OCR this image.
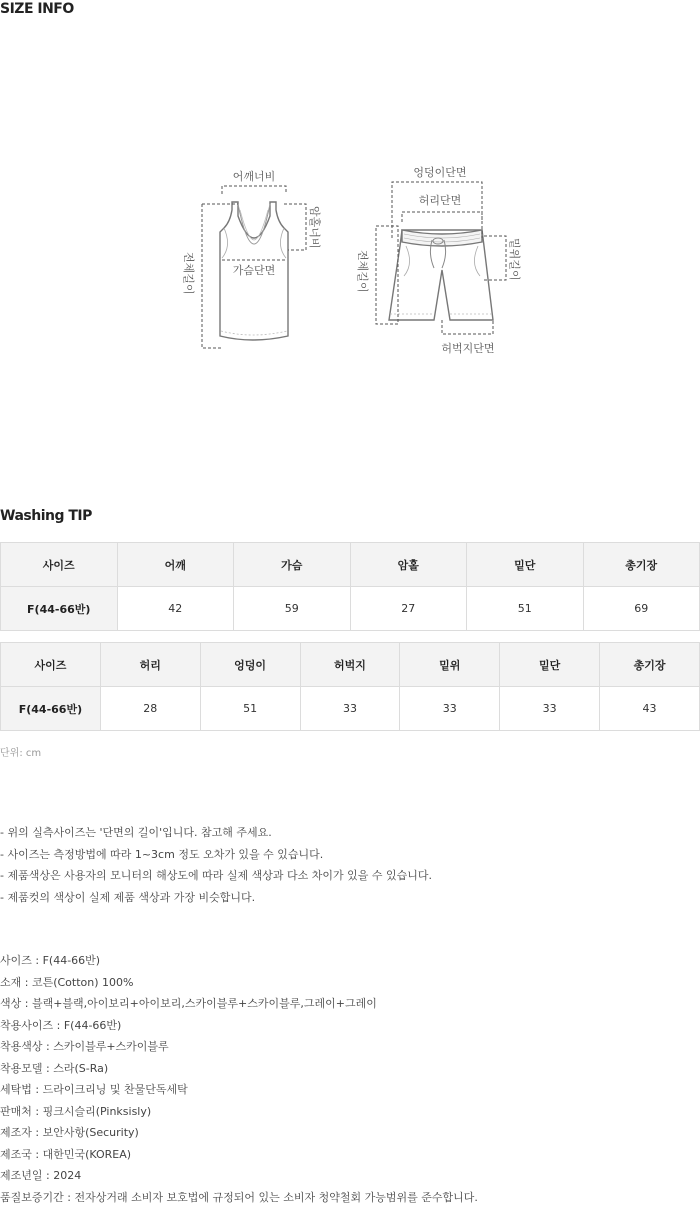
SIZE INFO
어깨너비
가슴단면
암홀너비
전체길이
엉덩이단면
허리단면
밑위길이
전체길이
허벅지단면
Washing TIP
사이즈	어깨	가슴	암홀	밑단	총기장
F(44-66반)	42	59	27	51	69
사이즈	허리	엉덩이	허벅지	밑위	밑단	총기장
F(44-66반)	28	51	33	33	33	43
단위: cm
- 위의 실측사이즈는 '단면의 길이'입니다. 참고해 주세요.
- 사이즈는 측정방법에 따라 1~3cm 정도 오차가 있을 수 있습니다.
- 제품색상은 사용자의 모니터의 해상도에 따라 실제 색상과 다소 차이가 있을 수 있습니다.
- 제품컷의 색상이 실제 제품 색상과 가장 비슷합니다.
사이즈 : F(44-66반)
소재 : 코튼(Cotton) 100%
색상 : 블랙+블랙,아이보리+아이보리,스카이블루+스카이블루,그레이+그레이
착용사이즈 : F(44-66반)
착용색상 : 스카이블루+스카이블루
착용모델 : 스라(S-Ra)
세탁법 : 드라이크리닝 및 찬물단독세탁
판매처 : 핑크시슬리(Pinksisly)
제조자 : 보안사항(Security)
제조국 : 대한민국(KOREA)
제조년일 : 2024
품질보증기간 : 전자상거래 소비자 보호법에 규정되어 있는 소비자 청약철회 가능범위를 준수합니다.
